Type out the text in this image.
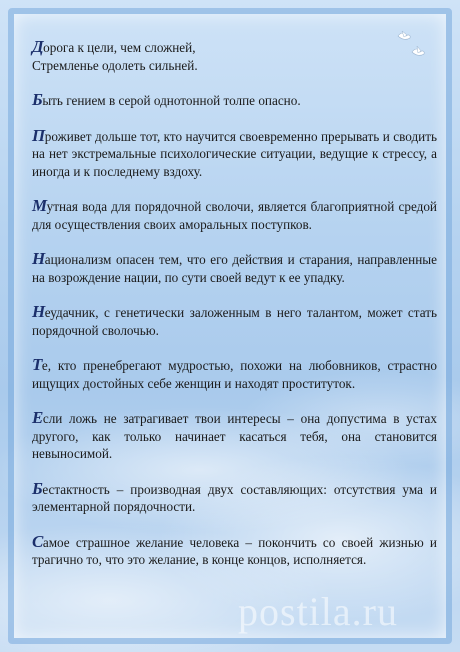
Дорога к цели, чем сложней,
Стремленье одолеть сильней.

Быть гением в серой однотонной толпе опасно.

Проживет дольше тот, кто научится своевременно прерывать и сводить на нет экстремальные психологические ситуации, ведущие к стрессу, а иногда и к последнему вздоху.

Мутная вода для порядочной сволочи, является благоприятной средой для осуществления своих аморальных поступков.

Национализм опасен тем, что его действия и старания, направленные на возрождение нации, по сути своей ведут к ее упадку.

Неудачник, с генетически заложенным в него талантом, может стать порядочной сволочью.

Те, кто пренебрегают мудростью, похожи на любовников, страстно ищущих достойных себе женщин и находят проституток.

Если ложь не затрагивает твои интересы – она допустима в устах другого, как только начинает касаться тебя, она становится невыносимой.

Бестактность – производная двух составляющих: отсутствия ума и элементарной порядочности.

Самое страшное желание человека – покончить со своей жизнью и трагично то, что это желание, в конце концов, исполняется.

postila.ru
